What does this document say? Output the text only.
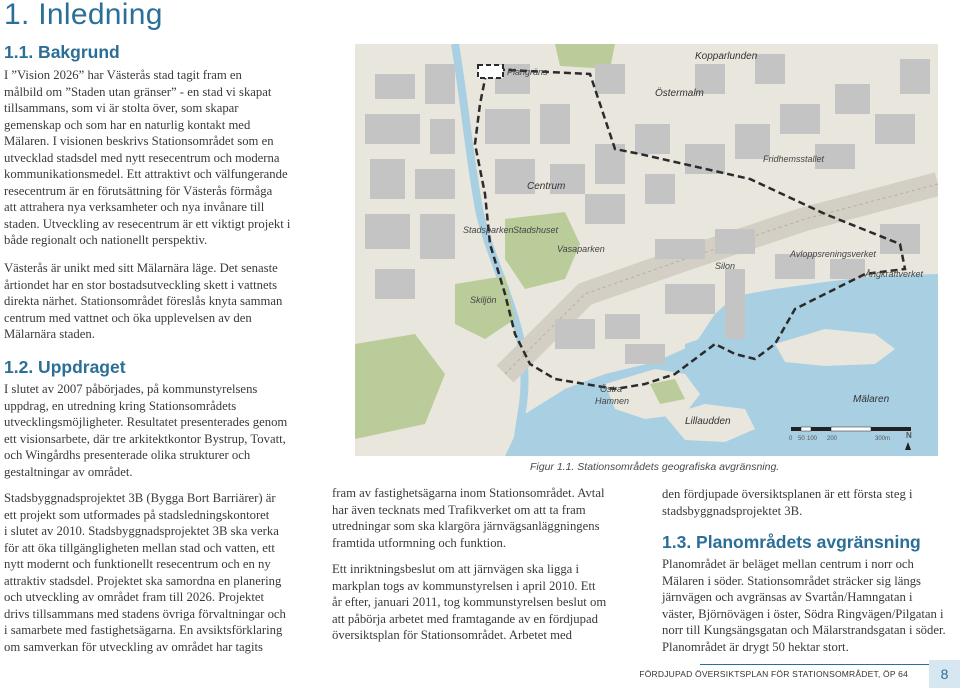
1. Inledning
1.1. Bakgrund
I ”Vision 2026” har Västerås stad tagit fram en
målbild om ”Staden utan gränser” - en stad vi skapat
tillsammans, som vi är stolta över, som skapar
gemenskap och som har en naturlig kontakt med
Mälaren. I visionen beskrivs Stationsområdet som en
utvecklad stadsdel med nytt resecentrum och moderna
kommunikationsmedel. Ett attraktivt och välfungerande
resecentrum är en förutsättning för Västerås förmåga
att attrahera nya verksamheter och nya invånare till
staden. Utveckling av resecentrum är ett viktigt projekt i
både regionalt och nationellt perspektiv.
Västerås är unikt med sitt Mälarnära läge. Det senaste
årtiondet har en stor bostadsutveckling skett i vattnets
direkta närhet. Stationsområdet föreslås knyta samman
centrum med vattnet och öka upplevelsen av den
Mälarnära staden.
1.2. Uppdraget
I slutet av 2007 påbörjades, på kommunstyrelsens
uppdrag, en utredning kring Stationsområdets
utvecklingsmöjligheter. Resultatet presenterades genom
ett visionsarbete, där tre arkitektkontor Bystrup, Tovatt,
och Wingårdhs presenterade olika strukturer och
gestaltningar av området.
Stadsbyggnadsprojektet 3B (Bygga Bort Barriärer) är
ett projekt som utformades på stadsledningskontoret
i slutet av 2010. Stadsbyggnadsprojektet 3B ska verka
för att öka tillgängligheten mellan stad och vatten, ett
nytt modernt och funktionellt resecentrum och en ny
attraktiv stadsdel. Projektet ska samordna en planering
och utveckling av området fram till 2026. Projektet
drivs tillsammans med stadens övriga förvaltningar och
i samarbete med fastighetsägarna. En avsiktsförklaring
om samverkan för utveckling av området har tagits
fram av fastighetsägarna inom Stationsområdet. Avtal
har även tecknats med Trafikverket om att ta fram
utredningar som ska klargöra järnvägsanläggningens
framtida utformning och funktion.
Ett inriktningsbeslut om att järnvägen ska ligga i
markplan togs av kommunstyrelsen i april 2010. Ett
år efter, januari 2011, tog kommunstyrelsen beslut om
att påbörja arbetet med framtagande av en fördjupad
översiktsplan för Stationsområdet. Arbetet med
den fördjupade översiktsplanen är ett första steg i
stadsbyggnadsprojektet 3B.
1.3. Planområdets avgränsning
Planområdet är beläget mellan centrum i norr och
Mälaren i söder. Stationsområdet sträcker sig längs
järnvägen och avgränsas av Svartån/Hamngatan i
väster, Björnövägen i öster, Södra Ringvägen/Pilgatan i
norr till Kungsängsgatan och Mälarstrandsgatan i söder.
Planområdet är drygt 50 hektar stort.
Plangräns
Kopparlunden
Östermalm
Centrum
Stadsparken Stadshuset
Vasaparken
Fridhemsstallet
Silon
Avloppsreningsverket
Ångkraftverket
Skiljön
Östra
Hamnen
Lillaudden
Mälaren
0 50 100 200	300m N
Figur 1.1. Stationsområdets geografiska avgränsning.
FÖRDJUPAD ÖVERSIKTSPLAN FÖR STATIONSOMRÅDET, ÖP 64	8
